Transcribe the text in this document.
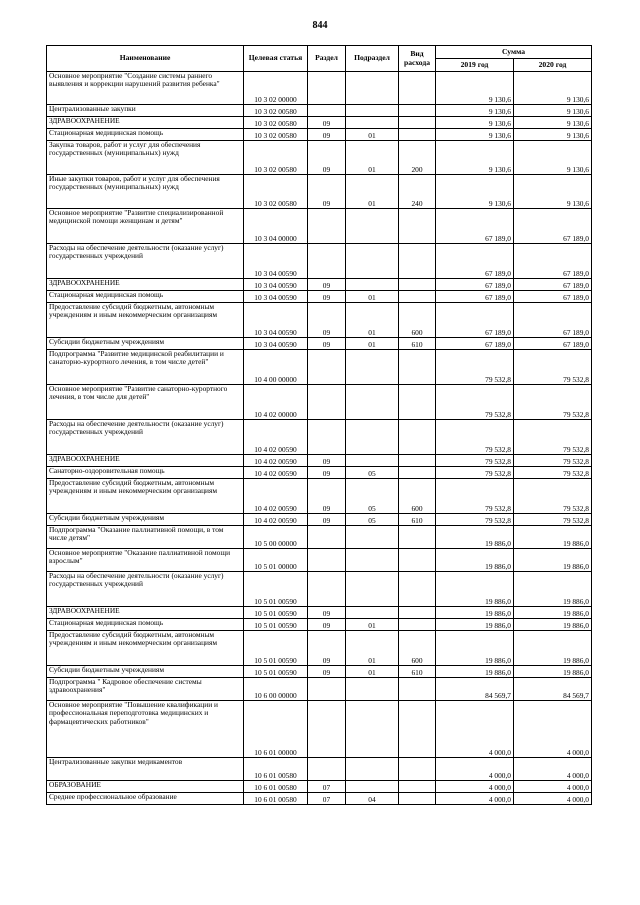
844
Наименование	Целевая статья	Раздел	Подраздел	Вид расхода	Сумма	
					2019 год	2020 год
Основное мероприятие "Создание системы раннего выявления и коррекции нарушений развития ребенка"	10 3 02 00000				9 130,6	9 130,6
Централизованные закупки	10 3 02 00580				9 130,6	9 130,6
ЗДРАВООХРАНЕНИЕ	10 3 02 00580	09			9 130,6	9 130,6
Стационарная медицинская помощь	10 3 02 00580	09	01		9 130,6	9 130,6
Закупка товаров, работ и услуг для обеспечения государственных (муниципальных) нужд	10 3 02 00580	09	01	200	9 130,6	9 130,6
Иные закупки товаров, работ и услуг для обеспечения государственных (муниципальных) нужд	10 3 02 00580	09	01	240	9 130,6	9 130,6
Основное мероприятие "Развитие специализированной медицинской помощи женщинам и детям"	10 3 04 00000				67 189,0	67 189,0
Расходы на обеспечение деятельности (оказание услуг) государственных учреждений	10 3 04 00590				67 189,0	67 189,0
ЗДРАВООХРАНЕНИЕ	10 3 04 00590	09			67 189,0	67 189,0
Стационарная медицинская помощь	10 3 04 00590	09	01		67 189,0	67 189,0
Предоставление субсидий бюджетным, автономным учреждениям и иным некоммерческим организациям	10 3 04 00590	09	01	600	67 189,0	67 189,0
Субсидии бюджетным учреждениям	10 3 04 00590	09	01	610	67 189,0	67 189,0
Подпрограмма "Развитие медицинской реабилитации и санаторно-курортного лечения, в том числе детей"	10 4 00 00000				79 532,8	79 532,8
Основное мероприятие "Развитие санаторно-курортного лечения, в том числе для детей"	10 4 02 00000				79 532,8	79 532,8
Расходы на обеспечение деятельности (оказание услуг) государственных учреждений	10 4 02 00590				79 532,8	79 532,8
ЗДРАВООХРАНЕНИЕ	10 4 02 00590	09			79 532,8	79 532,8
Санаторно-оздоровительная помощь	10 4 02 00590	09	05		79 532,8	79 532,8
Предоставление субсидий бюджетным, автономным учреждениям и иным некоммерческим организациям	10 4 02 00590	09	05	600	79 532,8	79 532,8
Субсидии бюджетным учреждениям	10 4 02 00590	09	05	610	79 532,8	79 532,8
Подпрограмма "Оказание паллиативной помощи, в том числе детям"	10 5 00 00000				19 886,0	19 886,0
Основное мероприятие "Оказание паллиативной помощи взрослым"	10 5 01 00000				19 886,0	19 886,0
Расходы на обеспечение деятельности (оказание услуг) государственных учреждений	10 5 01 00590				19 886,0	19 886,0
ЗДРАВООХРАНЕНИЕ	10 5 01 00590	09			19 886,0	19 886,0
Стационарная медицинская помощь	10 5 01 00590	09	01		19 886,0	19 886,0
Предоставление субсидий бюджетным, автономным учреждениям и иным некоммерческим организациям	10 5 01 00590	09	01	600	19 886,0	19 886,0
Субсидии бюджетным учреждениям	10 5 01 00590	09	01	610	19 886,0	19 886,0
Подпрограмма " Кадровое обеспечение системы здравоохранения"	10 6 00 00000				84 569,7	84 569,7
Основное мероприятие "Повышение квалификации и профессиональная переподготовка медицинских и фармацевтических работников"	10 6 01 00000				4 000,0	4 000,0
Централизованные закупки медикаментов	10 6 01 00580				4 000,0	4 000,0
ОБРАЗОВАНИЕ	10 6 01 00580	07			4 000,0	4 000,0
Среднее профессиональное образование	10 6 01 00580	07	04		4 000,0	4 000,0
